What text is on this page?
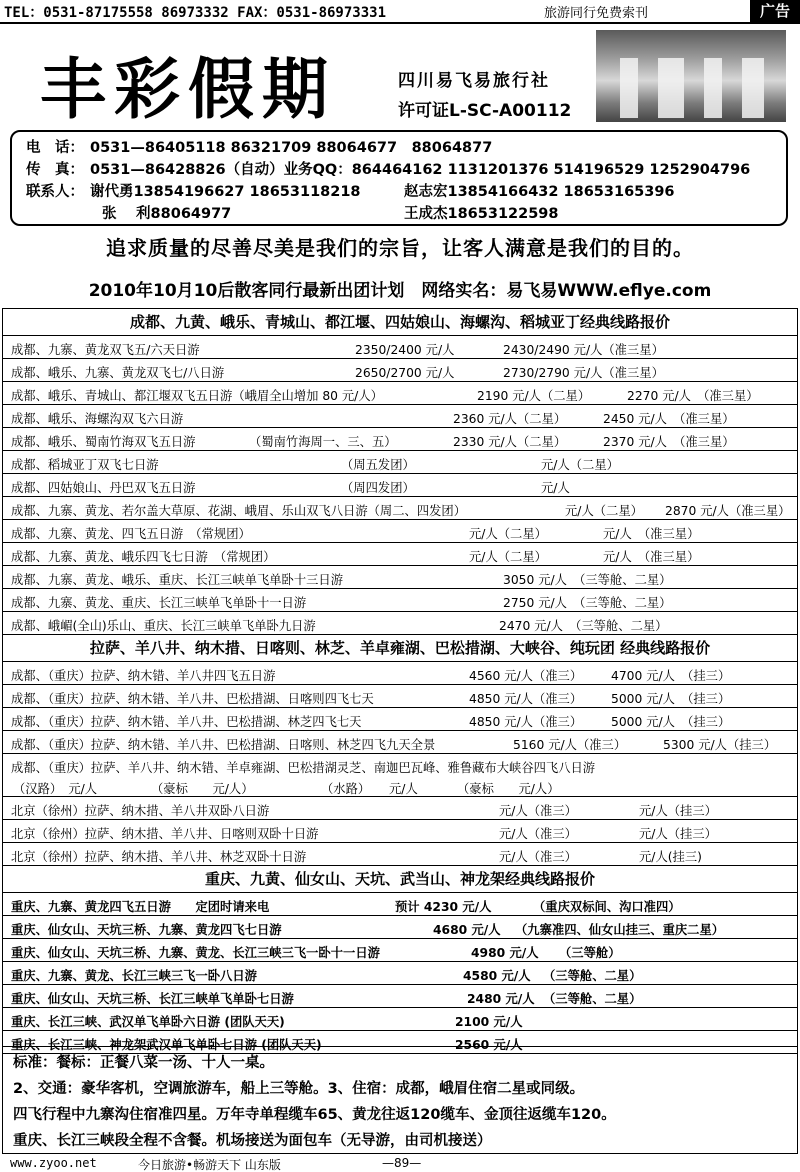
TEL：0531-87175558 86973332 FAX：0531-86973331	旅游同行免费索刊	广告
丰彩假期	四川易飞易旅行社
许可证L-SC-A00112
电　话： 0531—86405118 86321709 88064677　88064877
传　真： 0531—86428826（自动）业务QQ：864464162 1131201376 514196529 1252904796
联系人： 谢代勇13854196627 18653118218	赵志宏13854166432 18653165396
张　 利88064977	王成杰18653122598
追求质量的尽善尽美是我们的宗旨，让客人满意是我们的目的。
2010年10月10后散客同行最新出团计划　网络实名：易飞易WWW.eflye.com
成都、九黄、峨乐、青城山、都江堰、四姑娘山、海螺沟、稻城亚丁经典线路报价
成都、九寨、黄龙双飞五/六天日游	2350/2400 元/人	2430/2490 元/人（准三星）
成都、峨乐、九寨、黄龙双飞七/八日游	2650/2700 元/人	2730/2790 元/人（准三星）
成都、峨乐、青城山、都江堰双飞五日游（峨眉全山增加 80 元/人）	2190 元/人（二星）	2270 元/人　（准三星）
成都、峨乐、海螺沟双飞六日游	2360 元/人（二星）	2450 元/人　（准三星）
成都、峨乐、蜀南竹海双飞五日游	（蜀南竹海周一、三、五）	2330 元/人（二星）	2370 元/人　（准三星）
成都、稻城亚丁双飞七日游	（周五发团）	元/人（二星）
成都、四姑娘山、丹巴双飞五日游	（周四发团）	元/人
成都、九寨、黄龙、若尔盖大草原、花湖、峨眉、乐山双飞八日游（周二、四发团）	元/人（二星） 2870 元/人（准三星）
成都、九寨、黄龙、四飞五日游　（常规团）	元/人（二星）	元/人　（准三星）
成都、九寨、黄龙、峨乐四飞七日游　（常规团）	元/人（二星）	元/人　（准三星）
成都、九寨、黄龙、峨乐、重庆、长江三峡单飞单卧十三日游	3050 元/人　（三等舱、二星）
成都、九寨、黄龙、重庆、长江三峡单飞单卧十一日游	2750 元/人　（三等舱、二星）
成都、峨嵋(全山)乐山、重庆、长江三峡单飞单卧九日游	2470 元/人　（三等舱、二星）
拉萨、羊八井、纳木措、日喀则、林芝、羊卓雍湖、巴松措湖、大峡谷、纯玩团 经典线路报价
成都、（重庆）拉萨、纳木错、羊八井四飞五日游	4560 元/人（准三） 4700 元/人　（挂三）
成都、（重庆）拉萨、纳木错、羊八井、巴松措湖、日喀则四飞七天	4850 元/人（准三） 5000 元/人　（挂三）
成都、（重庆）拉萨、纳木错、羊八井、巴松措湖、林芝四飞七天	4850 元/人（准三） 5000 元/人　（挂三）
成都、（重庆）拉萨、纳木错、羊八井、巴松措湖、日喀则、林芝四飞九天全景	5160 元/人（准三）	5300 元/人（挂三）
成都、（重庆）拉萨、羊八井、纳木错、羊卓雍湖、巴松措湖灵芝、南迦巴瓦峰、雅鲁藏布大峡谷四飞八日游
（汉路）　元/人	（豪标　　元/人）	（水路） 元/人	（豪标　　元/人）
北京（徐州）拉萨、纳木措、羊八井双卧八日游	元/人（准三）	元/人（挂三）
北京（徐州）拉萨、纳木措、羊八井、日喀则双卧十日游	元/人（准三）	元/人（挂三）
北京（徐州）拉萨、纳木措、羊八井、林芝双卧十日游	元/人（准三）	元/人(挂三)
重庆、九黄、仙女山、天坑、武当山、神龙架经典线路报价
重庆、九寨、黄龙四飞五日游　　定团时请来电	预计 4230 元/人	（重庆双标间、沟口准四）
重庆、仙女山、天坑三桥、九寨、黄龙四飞七日游	4680 元/人 （九寨准四、仙女山挂三、重庆二星）
重庆、仙女山、天坑三桥、九寨、黄龙、长江三峡三飞一卧十一日游	4980 元/人 （三等舱）
重庆、九寨、黄龙、长江三峡三飞一卧八日游	4580 元/人 （三等舱、二星）
重庆、仙女山、天坑三桥、长江三峡单飞单卧七日游	2480 元/人 （三等舱、二星）
重庆、长江三峡、武汉单飞单卧六日游 (团队天天)	2100 元/人
重庆、长江三峡、神龙架武汉单飞单卧七日游 (团队天天)	2560 元/人
标准：餐标：正餐八菜一汤、十人一桌。
2、交通：豪华客机，空调旅游车，船上三等舱。3、住宿：成都，峨眉住宿二星或同级。
四飞行程中九寨沟住宿准四星。万年寺单程缆车65、黄龙往返120缆车、金顶往返缆车120。
重庆、长江三峡段全程不含餐。机场接送为面包车（无导游，由司机接送）
www.zyoo.net	今日旅游•畅游天下 山东版	—89—
